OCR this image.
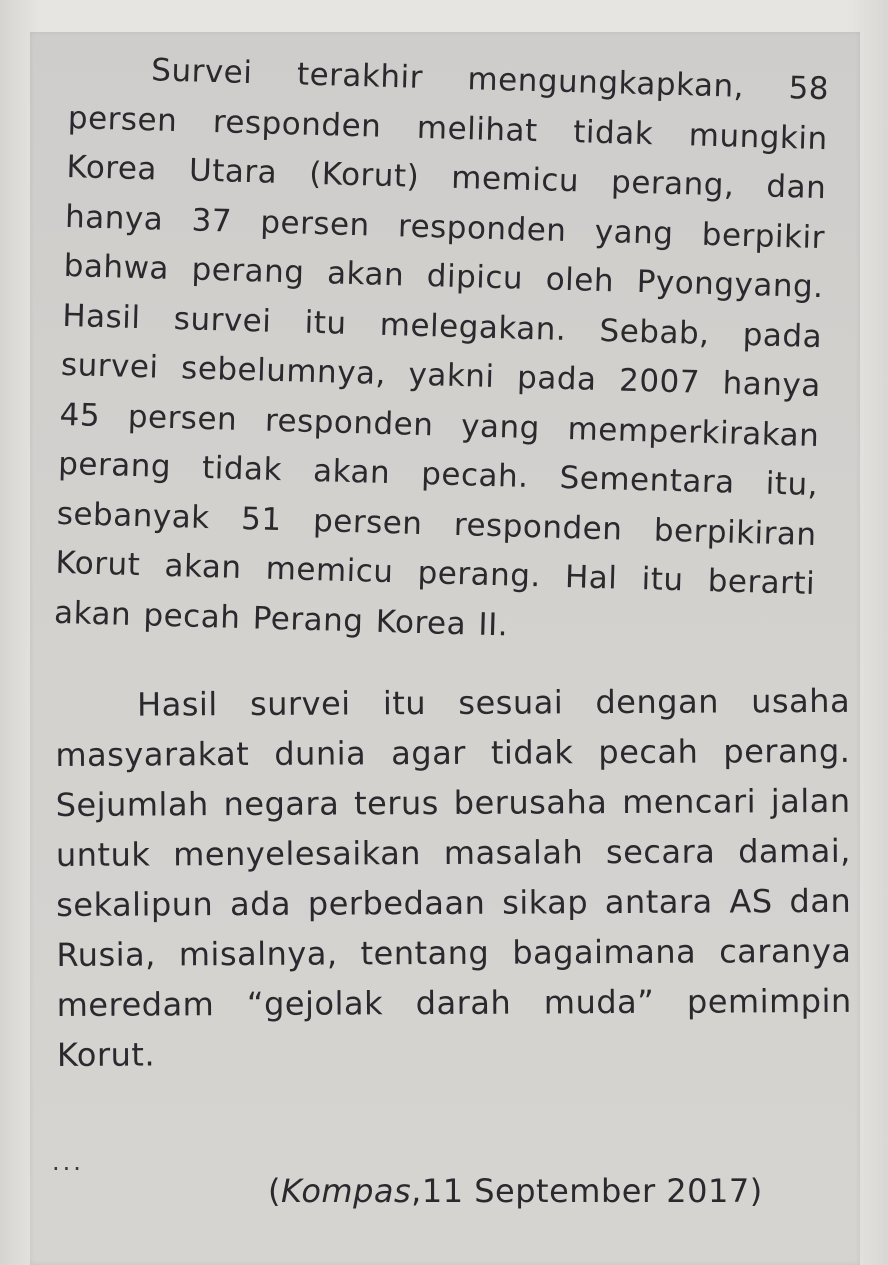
Survei terakhir mengungkapkan, 58 persen responden melihat tidak mungkin Korea Utara (Korut) memicu perang, dan hanya 37 persen responden yang berpikir bahwa perang akan dipicu oleh Pyongyang. Hasil survei itu melegakan. Sebab, pada survei sebelumnya, yakni pada 2007 hanya 45 persen responden yang memperkirakan perang tidak akan pecah. Sementara itu, sebanyak 51 persen responden berpikiran Korut akan memicu perang. Hal itu berarti akan pecah Perang Korea II.

Hasil survei itu sesuai dengan usaha masyarakat dunia agar tidak pecah perang. Sejumlah negara terus berusaha mencari jalan untuk menyelesaikan masalah secara damai, sekalipun ada perbedaan sikap antara AS dan Rusia, misalnya, tentang bagaimana caranya meredam “gejolak darah muda” pemimpin Korut.

...

(Kompas,11 September 2017)
